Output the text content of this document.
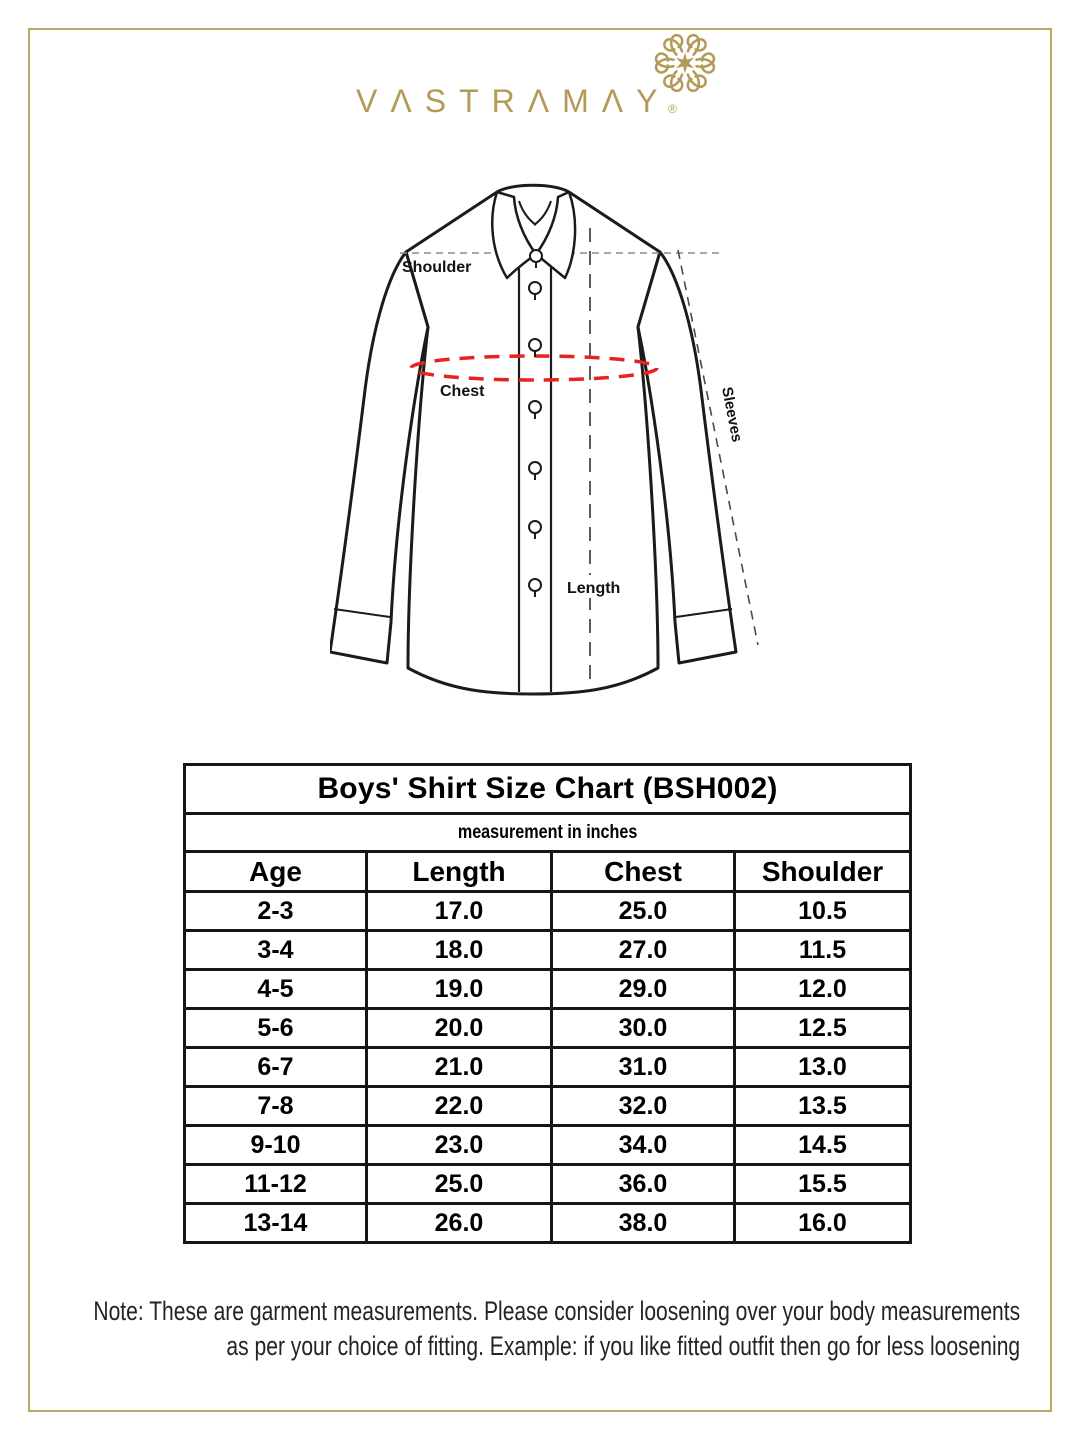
VΛSTRΛMΛY
®
Shoulder
Chest
Length
Sleeves
Boys' Shirt Size Chart (BSH002)			
measurement in inches			
Age	Length	Chest	Shoulder
2-3	17.0	25.0	10.5
3-4	18.0	27.0	11.5
4-5	19.0	29.0	12.0
5-6	20.0	30.0	12.5
6-7	21.0	31.0	13.0
7-8	22.0	32.0	13.5
9-10	23.0	34.0	14.5
11-12	25.0	36.0	15.5
13-14	26.0	38.0	16.0
Note: These are garment measurements. Please consider loosening over your body measurements
as per your choice of fitting. Example: if you like fitted outfit then go for less loosening
